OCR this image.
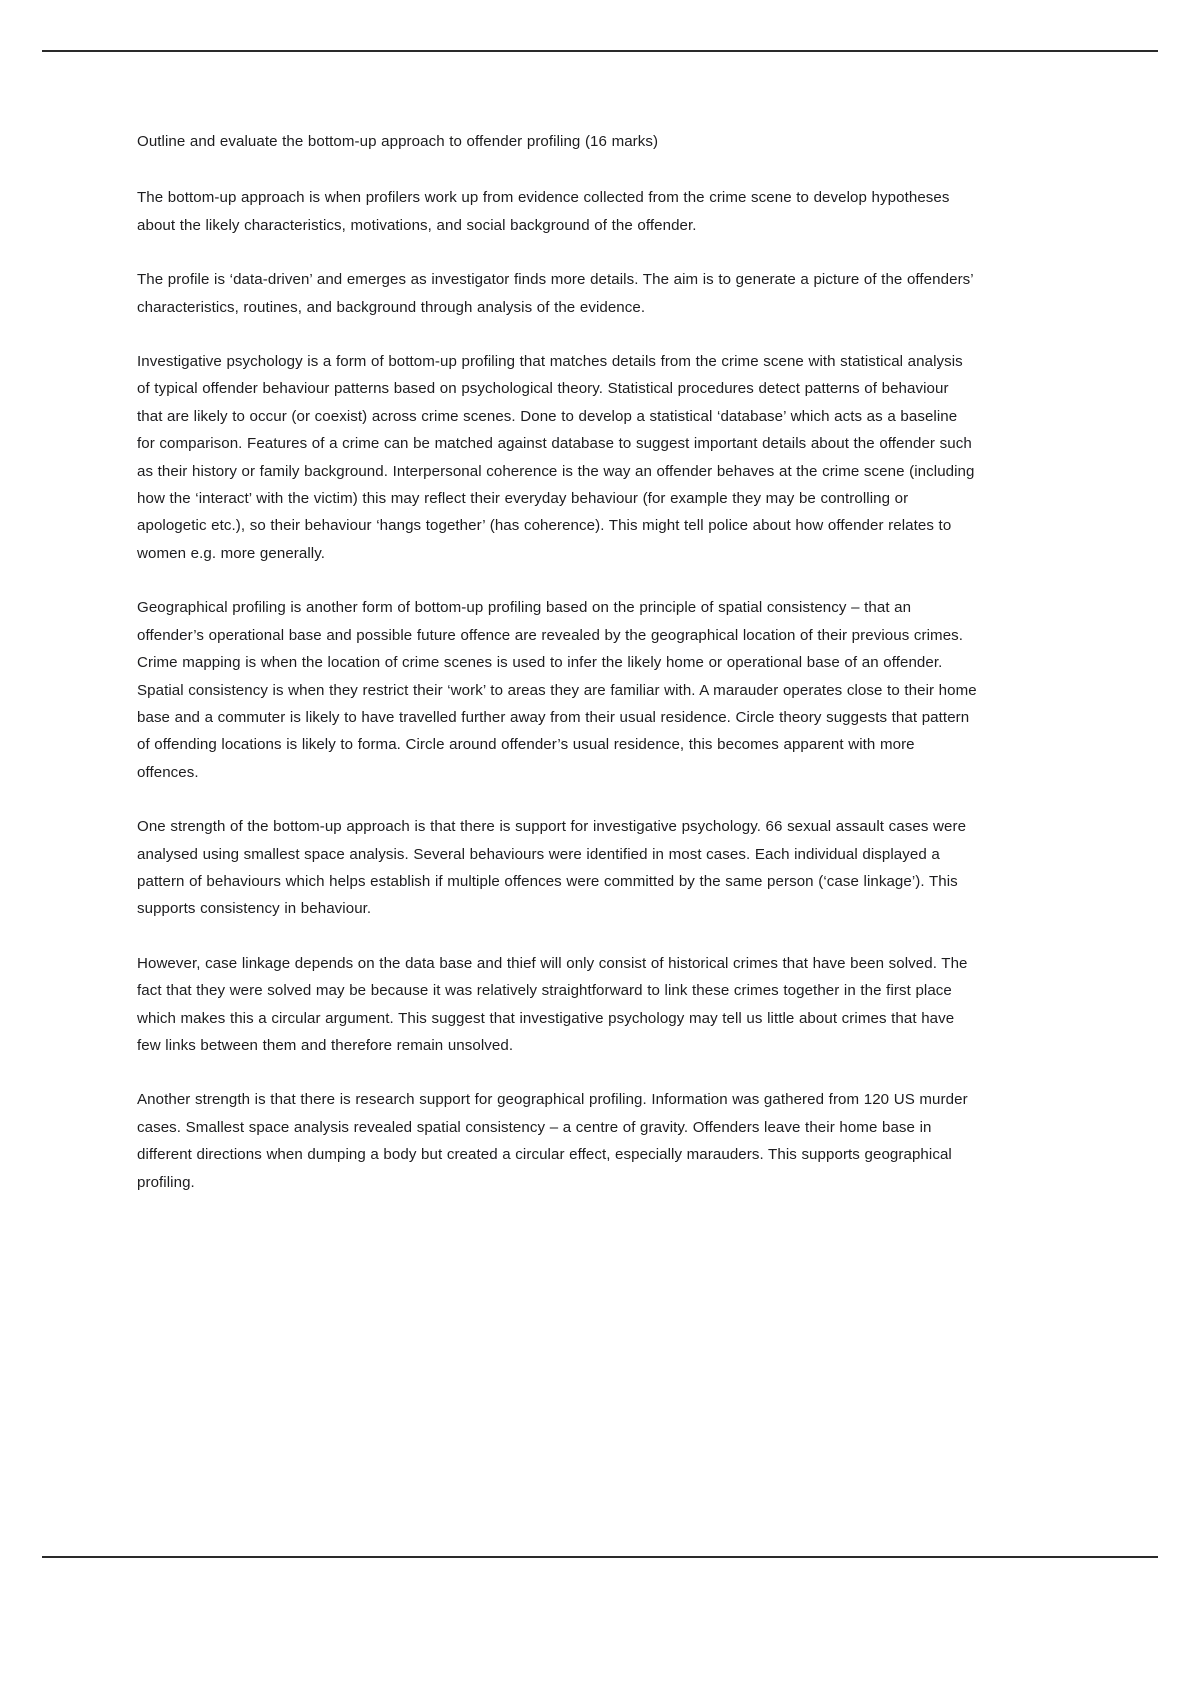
Outline and evaluate the bottom-up approach to offender profiling (16 marks)

The bottom-up approach is when profilers work up from evidence collected from the crime scene to develop hypotheses about the likely characteristics, motivations, and social background of the offender.

The profile is ‘data-driven’ and emerges as investigator finds more details. The aim is to generate a picture of the offenders’ characteristics, routines, and background through analysis of the evidence.

Investigative psychology is a form of bottom-up profiling that matches details from the crime scene with statistical analysis of typical offender behaviour patterns based on psychological theory. Statistical procedures detect patterns of behaviour that are likely to occur (or coexist) across crime scenes. Done to develop a statistical ‘database’ which acts as a baseline for comparison. Features of a crime can be matched against database to suggest important details about the offender such as their history or family background. Interpersonal coherence is the way an offender behaves at the crime scene (including how the ‘interact’ with the victim) this may reflect their everyday behaviour (for example they may be controlling or apologetic etc.), so their behaviour ‘hangs together’ (has coherence). This might tell police about how offender relates to women e.g. more generally.

Geographical profiling is another form of bottom-up profiling based on the principle of spatial consistency – that an offender’s operational base and possible future offence are revealed by the geographical location of their previous crimes. Crime mapping is when the location of crime scenes is used to infer the likely home or operational base of an offender. Spatial consistency is when they restrict their ‘work’ to areas they are familiar with. A marauder operates close to their home base and a commuter is likely to have travelled further away from their usual residence. Circle theory suggests that pattern of offending locations is likely to forma. Circle around offender’s usual residence, this becomes apparent with more offences.

One strength of the bottom-up approach is that there is support for investigative psychology. 66 sexual assault cases were analysed using smallest space analysis. Several behaviours were identified in most cases. Each individual displayed a pattern of behaviours which helps establish if multiple offences were committed by the same person (‘case linkage’). This supports consistency in behaviour.

However, case linkage depends on the data base and thief will only consist of historical crimes that have been solved. The fact that they were solved may be because it was relatively straightforward to link these crimes together in the first place which makes this a circular argument. This suggest that investigative psychology may tell us little about crimes that have few links between them and therefore remain unsolved.

Another strength is that there is research support for geographical profiling. Information was gathered from 120 US murder cases. Smallest space analysis revealed spatial consistency – a centre of gravity. Offenders leave their home base in different directions when dumping a body but created a circular effect, especially marauders. This supports geographical profiling.
